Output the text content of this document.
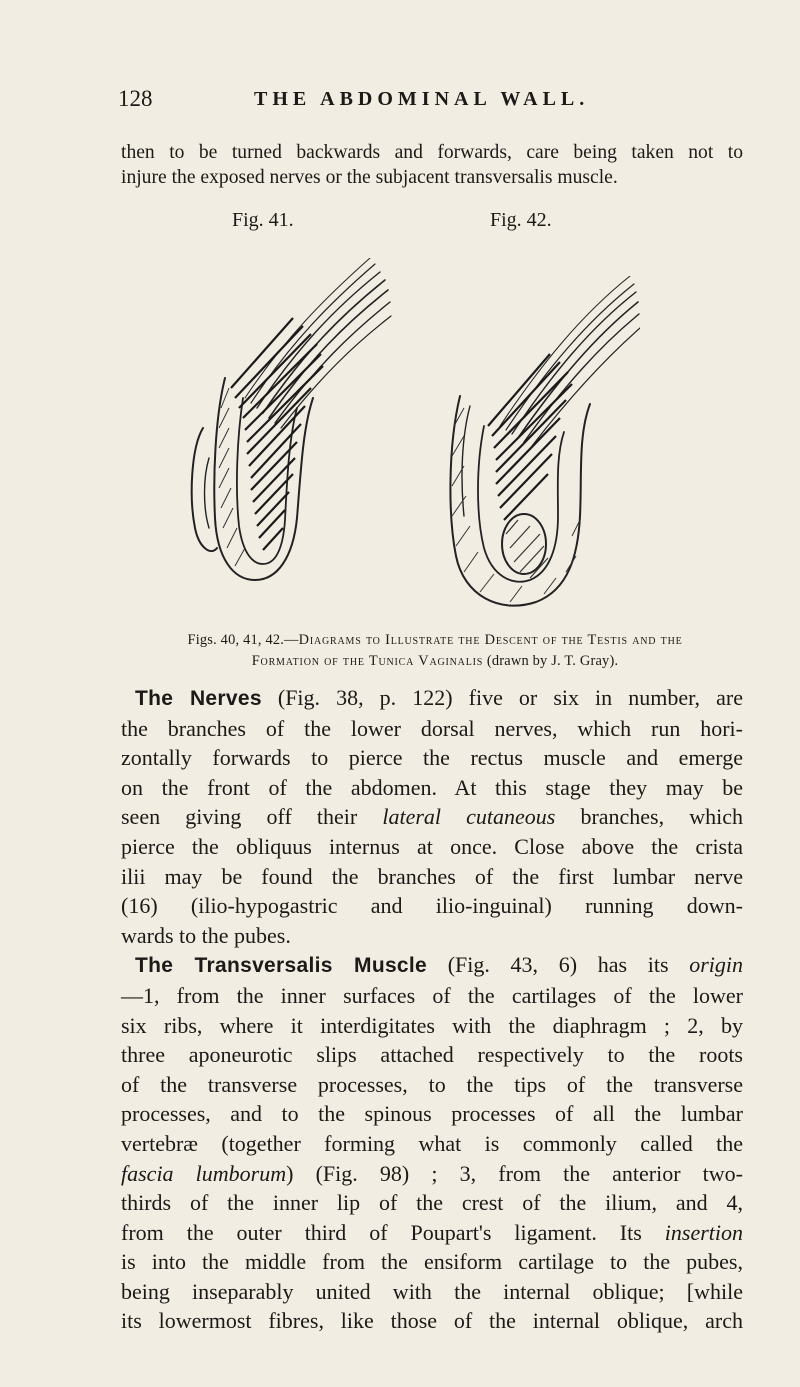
128	THE ABDOMINAL WALL.
then to be turned backwards and forwards, care being taken not to
injure the exposed nerves or the subjacent transversalis muscle.
Fig. 41.	Fig. 42.
Figs. 40, 41, 42.—Diagrams to Illustrate the Descent of the Testis and the
Formation of the Tunica Vaginalis (drawn by J. T. Gray).

The Nerves (Fig. 38, p. 122) five or six in number, are
the branches of the lower dorsal nerves, which run hori-
zontally forwards to pierce the rectus muscle and emerge
on the front of the abdomen. At this stage they may be
seen giving off their lateral cutaneous branches, which
pierce the obliquus internus at once. Close above the crista
ilii may be found the branches of the first lumbar nerve
(16) (ilio-hypogastric and ilio-inguinal) running down-
wards to the pubes.

The Transversalis Muscle (Fig. 43, 6) has its origin
—1, from the inner surfaces of the cartilages of the lower
six ribs, where it interdigitates with the diaphragm ; 2, by
three aponeurotic slips attached respectively to the roots
of the transverse processes, to the tips of the transverse
processes, and to the spinous processes of all the lumbar
vertebræ (together forming what is commonly called the
fascia lumborum) (Fig. 98) ; 3, from the anterior two-
thirds of the inner lip of the crest of the ilium, and 4,
from the outer third of Poupart's ligament. Its insertion
is into the middle from the ensiform cartilage to the pubes,
being inseparably united with the internal oblique; [while
its lowermost fibres, like those of the internal oblique, arch
